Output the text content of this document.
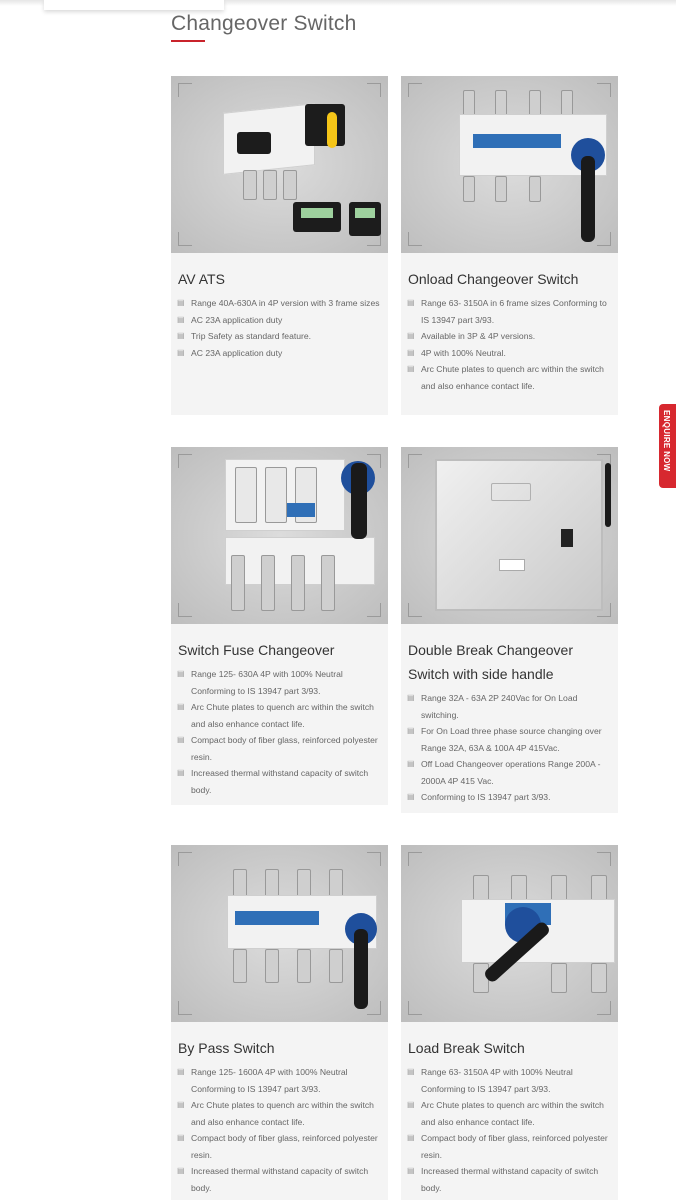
Changeover Switch
AV ATS
▤ Range 40A-630A in 4P version with 3 frame sizes
▤ AC 23A application duty
▤ Trip Safety as standard feature.
▤ AC 23A application duty
Onload Changeover Switch
▤ Range 63- 3150A in 6 frame sizes Conforming to IS 13947 part 3/93.
▤ Available in 3P & 4P versions.
▤ 4P with 100% Neutral.
▤ Arc Chute plates to quench arc within the switch and also enhance contact life.
Switch Fuse Changeover
▤ Range 125- 630A 4P with 100% Neutral Conforming to IS 13947 part 3/93.
▤ Arc Chute plates to quench arc within the switch and also enhance contact life.
▤ Compact body of fiber glass, reinforced polyester resin.
▤ Increased thermal withstand capacity of switch body.
Double Break Changeover Switch with side handle
▤ Range 32A - 63A 2P 240Vac for On Load switching.
▤ For On Load three phase source changing over Range 32A, 63A & 100A 4P 415Vac.
▤ Off Load Changeover operations Range 200A - 2000A 4P 415 Vac.
▤ Conforming to IS 13947 part 3/93.
By Pass Switch
▤ Range 125- 1600A 4P with 100% Neutral Conforming to IS 13947 part 3/93.
▤ Arc Chute plates to quench arc within the switch and also enhance contact life.
▤ Compact body of fiber glass, reinforced polyester resin.
▤ Increased thermal withstand capacity of switch body.
Load Break Switch
▤ Range 63- 3150A 4P with 100% Neutral Conforming to IS 13947 part 3/93.
▤ Arc Chute plates to quench arc within the switch and also enhance contact life.
▤ Compact body of fiber glass, reinforced polyester resin.
▤ Increased thermal withstand capacity of switch body.
ENQUIRE NOW
